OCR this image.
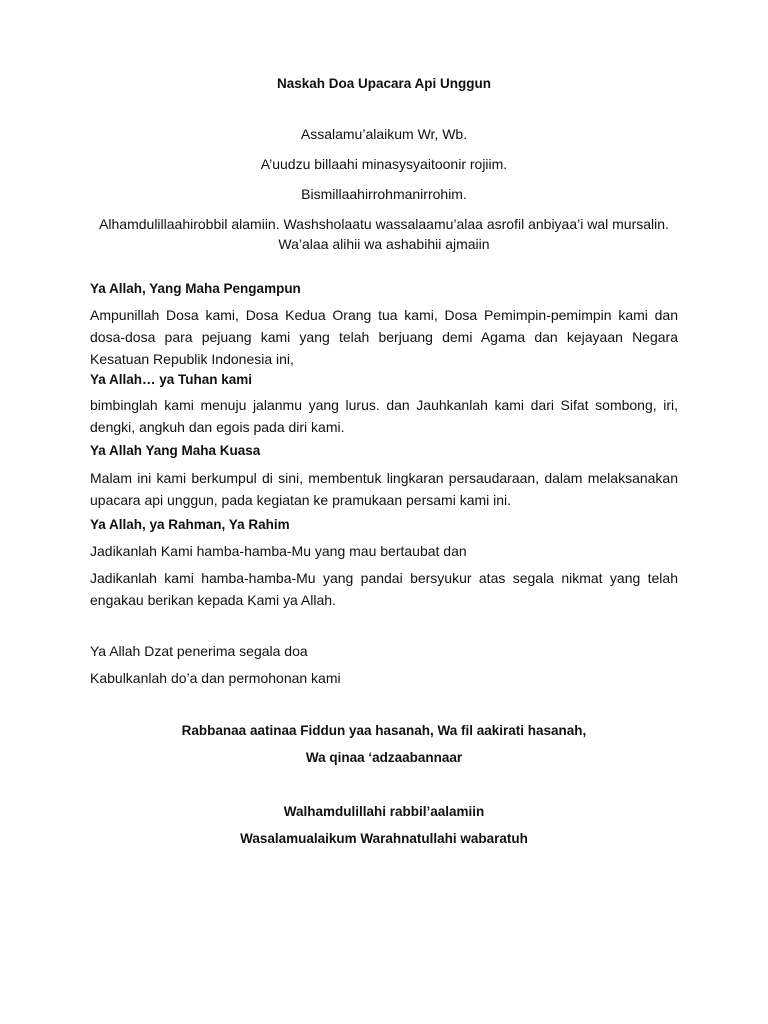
Naskah Doa Upacara Api Unggun
Assalamu’alaikum Wr, Wb.
A’uudzu billaahi minasysyaitoonir rojiim.
Bismillaahirrohmanirrohim.
Alhamdulillaahirobbil alamiin. Washsholaatu wassalaamu’alaa asrofil anbiyaa’i wal mursalin. Wa’alaa alihii wa ashabihii ajmaiin
Ya Allah, Yang Maha Pengampun
Ampunillah Dosa kami, Dosa Kedua Orang tua kami, Dosa Pemimpin-pemimpin kami dan dosa-dosa para pejuang kami yang telah berjuang demi Agama dan kejayaan Negara Kesatuan Republik Indonesia ini,
Ya Allah… ya Tuhan kami
bimbinglah kami menuju jalanmu yang lurus. dan Jauhkanlah kami dari Sifat sombong, iri, dengki, angkuh dan egois pada diri kami.
Ya Allah Yang Maha Kuasa
Malam ini kami berkumpul di sini, membentuk lingkaran persaudaraan, dalam melaksanakan upacara api unggun, pada kegiatan ke pramukaan persami kami ini.
Ya Allah, ya Rahman, Ya Rahim
Jadikanlah Kami hamba-hamba-Mu yang mau bertaubat dan
Jadikanlah kami hamba-hamba-Mu yang pandai bersyukur atas segala nikmat yang telah engakau berikan kepada Kami ya Allah.
Ya Allah Dzat penerima segala doa
Kabulkanlah do’a dan permohonan kami
Rabbanaa aatinaa Fiddun yaa hasanah, Wa fil aakirati hasanah,
Wa qinaa ‘adzaabannaar
Walhamdulillahi rabbil’aalamiin
Wasalamualaikum Warahnatullahi wabaratuh
